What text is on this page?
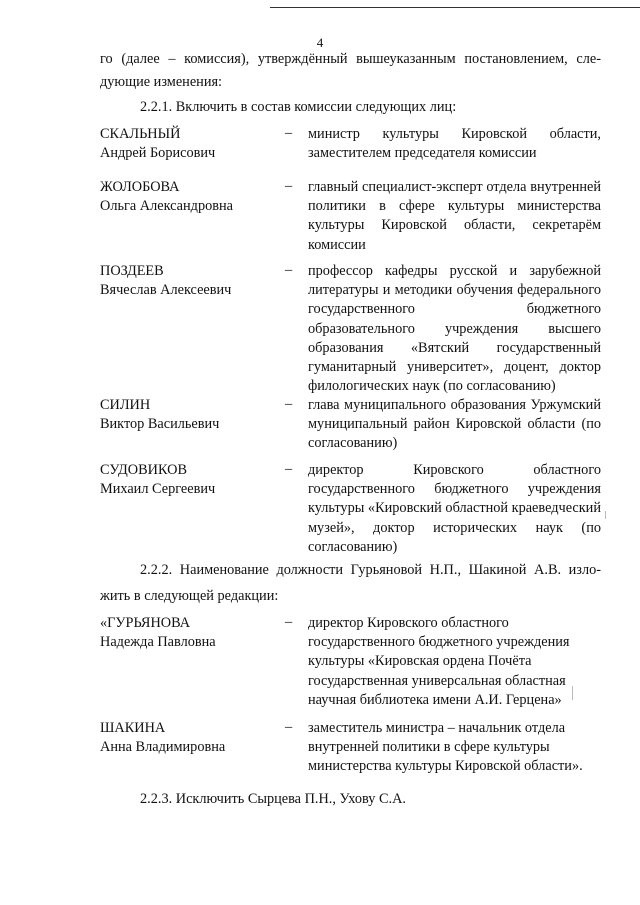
4
го (далее – комиссия), утверждённый вышеуказанным постановлением, сле-
дующие изменения:
2.2.1. Включить в состав комиссии следующих лиц:
СКАЛЬНЫЙ
Андрей Борисович
– министр культуры Кировской области, заместителем председателя комиссии
ЖОЛОБОВА
Ольга Александровна
– главный специалист-эксперт отдела внутренней политики в сфере культуры министерства культуры Кировской области, секретарём комиссии
ПОЗДЕЕВ
Вячеслав Алексеевич
– профессор кафедры русской и зарубежной литературы и методики обучения федерального государственного бюджетного образовательного учреждения высшего образования «Вятский государственный гуманитарный университет», доцент, доктор филологических наук (по согласованию)
СИЛИН
Виктор Васильевич
– глава муниципального образования Уржумский муниципальный район Кировской области (по согласованию)
СУДОВИКОВ
Михаил Сергеевич
– директор Кировского областного государственного бюджетного учреждения культуры «Кировский областной краеведческий музей», доктор исторических наук (по согласованию)
2.2.2. Наименование должности Гурьяновой Н.П., Шакиной А.В. изло-
жить в следующей редакции:
«ГУРЬЯНОВА
Надежда Павловна
– директор Кировского областного государственного бюджетного учреждения культуры «Кировская ордена Почёта государственная универсальная областная научная библиотека имени А.И. Герцена»
ШАКИНА
Анна Владимировна
– заместитель министра – начальник отдела внутренней политики в сфере культуры министерства культуры Кировской области».
2.2.3. Исключить Сырцева П.Н., Ухову С.А.
